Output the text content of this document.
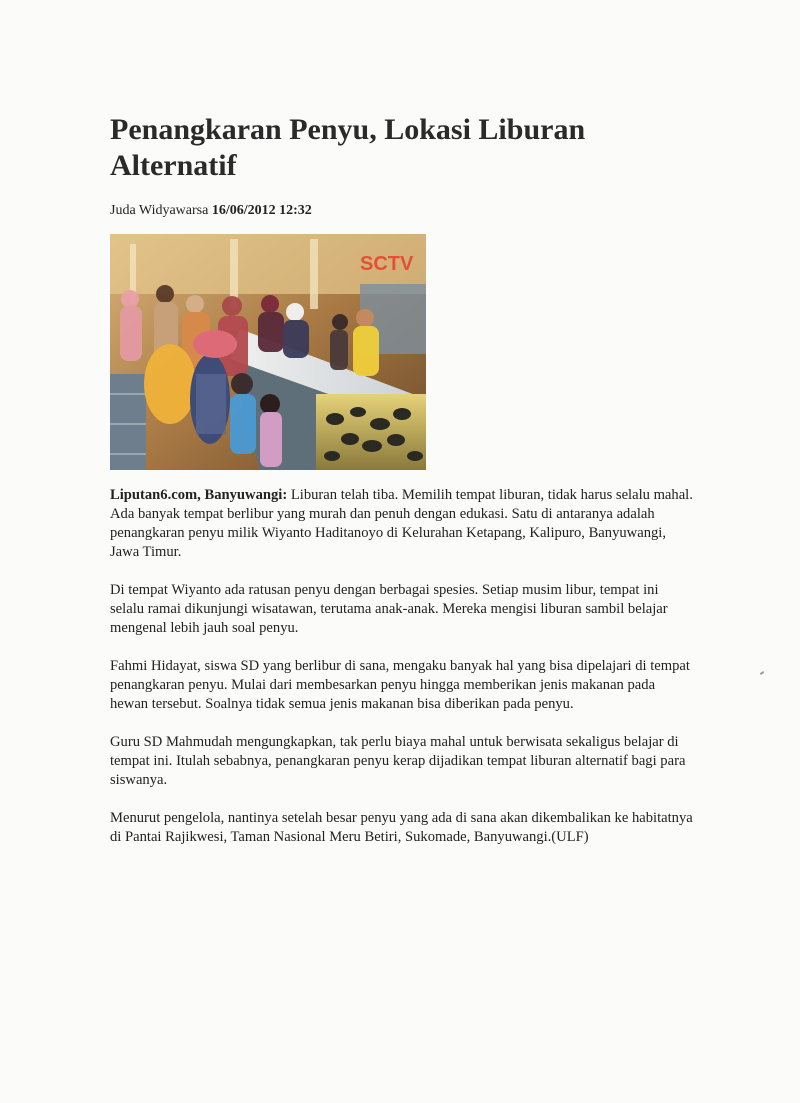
Penangkaran Penyu, Lokasi Liburan Alternatif
Juda Widyawarsa 16/06/2012 12:32
SCTV

Liputan6.com, Banyuwangi: Liburan telah tiba. Memilih tempat liburan, tidak harus selalu mahal. Ada banyak tempat berlibur yang murah dan penuh dengan edukasi. Satu di antaranya adalah penangkaran penyu milik Wiyanto Haditanoyo di Kelurahan Ketapang, Kalipuro, Banyuwangi, Jawa Timur.

Di tempat Wiyanto ada ratusan penyu dengan berbagai spesies. Setiap musim libur, tempat ini selalu ramai dikunjungi wisatawan, terutama anak-anak. Mereka mengisi liburan sambil belajar mengenal lebih jauh soal penyu.

Fahmi Hidayat, siswa SD yang berlibur di sana, mengaku banyak hal yang bisa dipelajari di tempat penangkaran penyu. Mulai dari membesarkan penyu hingga memberikan jenis makanan pada hewan tersebut. Soalnya tidak semua jenis makanan bisa diberikan pada penyu.

Guru SD Mahmudah mengungkapkan, tak perlu biaya mahal untuk berwisata sekaligus belajar di tempat ini. Itulah sebabnya, penangkaran penyu kerap dijadikan tempat liburan alternatif bagi para siswanya.

Menurut pengelola, nantinya setelah besar penyu yang ada di sana akan dikembalikan ke habitatnya di Pantai Rajikwesi, Taman Nasional Meru Betiri, Sukomade, Banyuwangi.(ULF)
